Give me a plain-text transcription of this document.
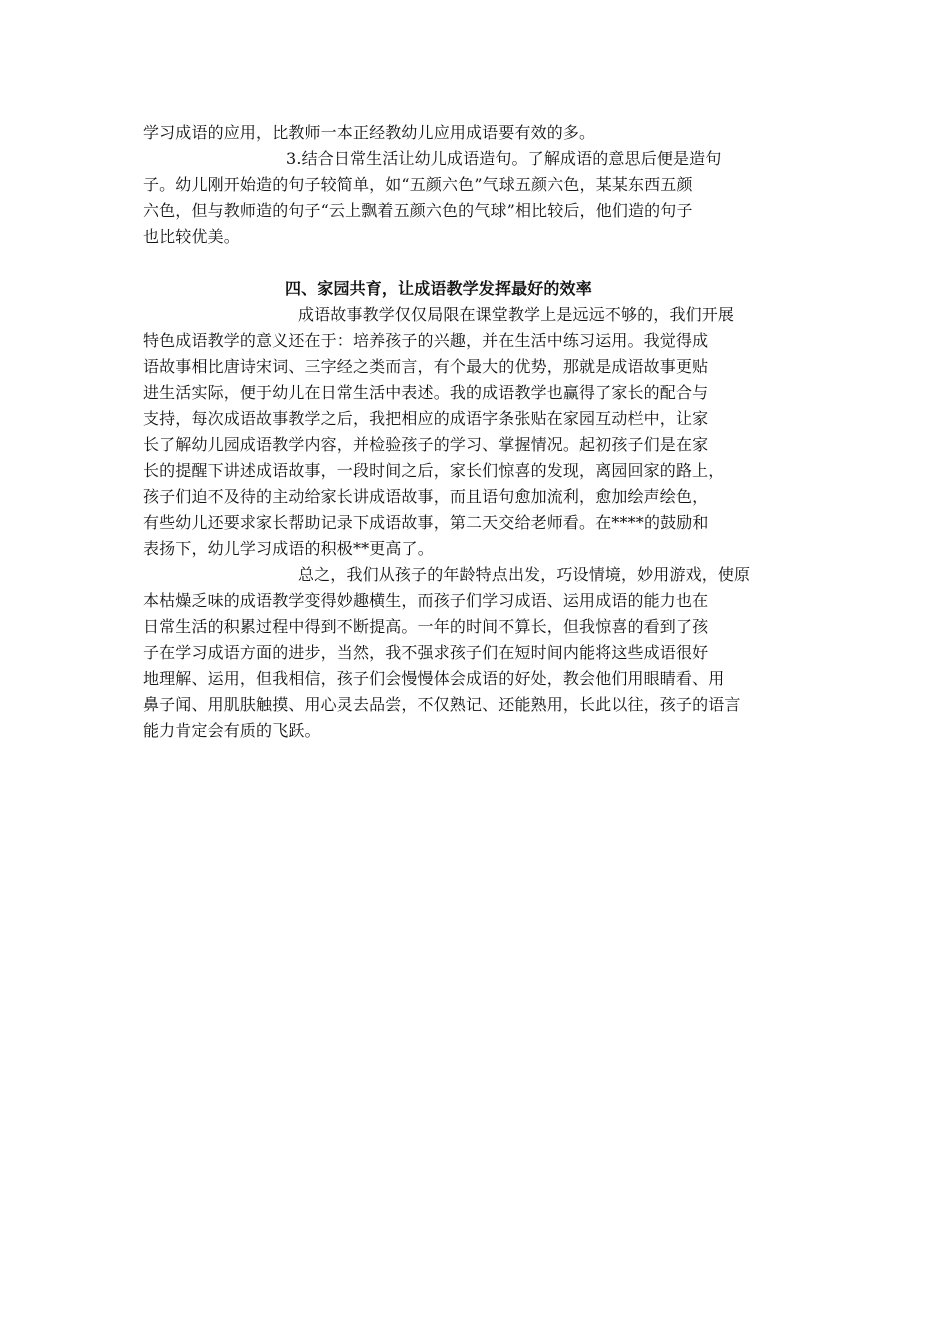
学习成语的应用，比教师一本正经教幼儿应用成语要有效的多。
3.结合日常生活让幼儿成语造句。了解成语的意思后便是造句
子。幼儿刚开始造的句子较简单，如“五颜六色”气球五颜六色，某某东西五颜
六色，但与教师造的句子“云上飘着五颜六色的气球”相比较后，他们造的句子
也比较优美。
四、家园共育，让成语教学发挥最好的效率
成语故事教学仅仅局限在课堂教学上是远远不够的，我们开展
特色成语教学的意义还在于：培养孩子的兴趣，并在生活中练习运用。我觉得成
语故事相比唐诗宋词、三字经之类而言，有个最大的优势，那就是成语故事更贴
进生活实际，便于幼儿在日常生活中表述。我的成语教学也赢得了家长的配合与
支持，每次成语故事教学之后，我把相应的成语字条张贴在家园互动栏中，让家
长了解幼儿园成语教学内容，并检验孩子的学习、掌握情况。起初孩子们是在家
长的提醒下讲述成语故事，一段时间之后，家长们惊喜的发现，离园回家的路上，
孩子们迫不及待的主动给家长讲成语故事，而且语句愈加流利，愈加绘声绘色，
有些幼儿还要求家长帮助记录下成语故事，第二天交给老师看。在****的鼓励和
表扬下，幼儿学习成语的积极**更高了。
总之，我们从孩子的年龄特点出发，巧设情境，妙用游戏，使原
本枯燥乏味的成语教学变得妙趣横生，而孩子们学习成语、运用成语的能力也在
日常生活的积累过程中得到不断提高。一年的时间不算长，但我惊喜的看到了孩
子在学习成语方面的进步，当然，我不强求孩子们在短时间内能将这些成语很好
地理解、运用，但我相信，孩子们会慢慢体会成语的好处，教会他们用眼睛看、用
鼻子闻、用肌肤触摸、用心灵去品尝，不仅熟记、还能熟用，长此以往，孩子的语言
能力肯定会有质的飞跃。
